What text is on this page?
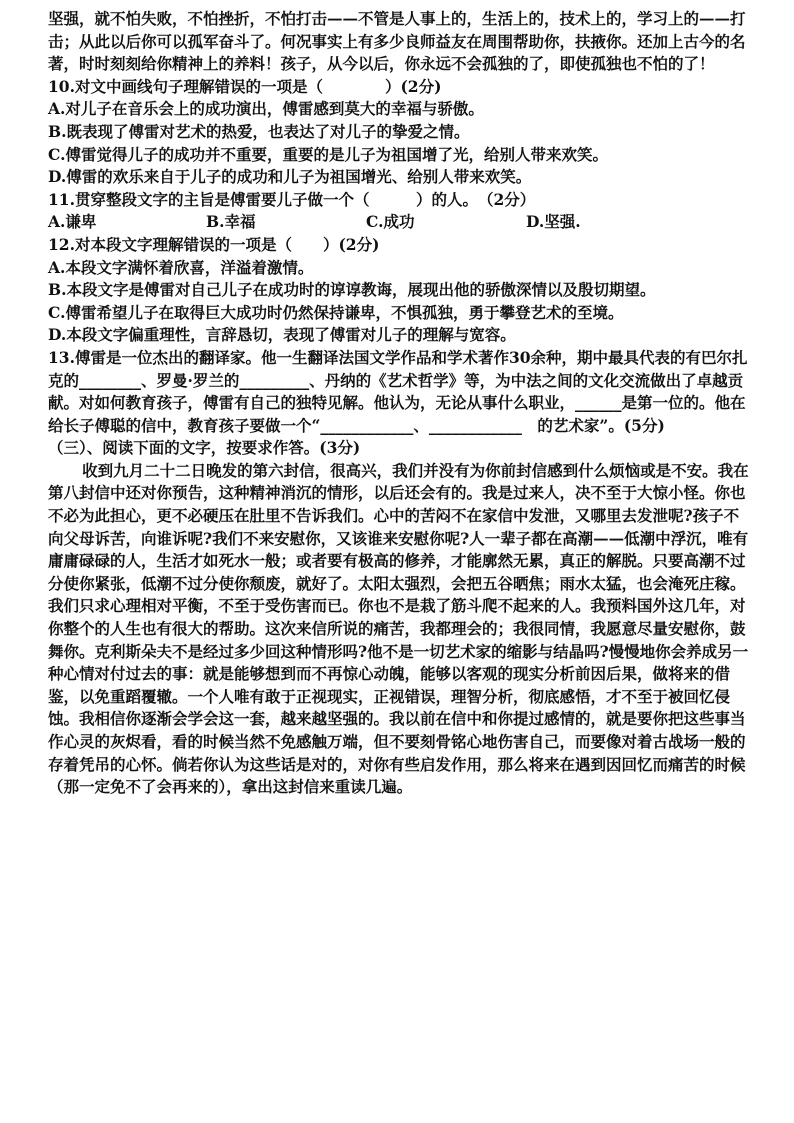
坚强，就不怕失败，不怕挫折，不怕打击——不管是人事上的，生活上的，技术上的，学习上的——打击；从此以后你可以孤军奋斗了。何况事实上有多少良师益友在周围帮助你，扶掖你。还加上古今的名著，时时刻刻给你精神上的养料！孩子，从今以后，你永远不会孤独的了，即使孤独也不怕的了！

10.对文中画线句子理解错误的一项是（　　　　）(2分)

A.对儿子在音乐会上的成功演出，傅雷感到莫大的幸福与骄傲。

B.既表现了傅雷对艺术的热爱，也表达了对儿子的挚爱之情。

C.傅雷觉得儿子的成功并不重要，重要的是儿子为祖国增了光，给别人带来欢笑。

D.傅雷的欢乐来自于儿子的成功和儿子为祖国增光、给别人带来欢笑。

11.贯穿整段文字的主旨是傅雷要儿子做一个（　　　）的人。　（2分）

A.谦卑	B.幸福	C.成功	D.坚强.

12.对本段文字理解错误的一项是（　　）(2分)

A.本段文字满怀着欣喜，洋溢着激情。

B.本段文字是傅雷对自己儿子在成功时的谆谆教诲，展现出他的骄傲深情以及殷切期望。

C.傅雷希望儿子在取得巨大成功时仍然保持谦卑，不惧孤独，勇于攀登艺术的至境。

D.本段文字偏重理性，言辞恳切，表现了傅雷对儿子的理解与宽容。

13.傅雷是一位杰出的翻译家。他一生翻译法国文学作品和学术著作30余种，期中最具代表的有巴尔扎克的________、罗曼·罗兰的_________、丹纳的《艺术哲学》等，为中法之间的文化交流做出了卓越贡献。对如何教育孩子，傅雷有自己的独特见解。他认为，无论从事什么职业，______是第一位的。他在给长子傅聪的信中，教育孩子要做一个“____________、____________　的艺术家”。(5分)

（三）、阅读下面的文字，按要求作答。(3分)

收到九月二十二日晚发的第六封信，很高兴，我们并没有为你前封信感到什么烦恼或是不安。我在第八封信中还对你预告，这种精神消沉的情形，以后还会有的。我是过来人，决不至于大惊小怪。你也不必为此担心，更不必硬压在肚里不告诉我们。心中的苦闷不在家信中发泄，又哪里去发泄呢?孩子不向父母诉苦，向谁诉呢?我们不来安慰你，又该谁来安慰你呢?人一辈子都在高潮——低潮中浮沉，唯有庸庸碌碌的人，生活才如死水一般；或者要有极高的修养，才能廓然无累，真正的解脱。只要高潮不过分使你紧张，低潮不过分使你颓废，就好了。太阳太强烈，会把五谷晒焦；雨水太猛，也会淹死庄稼。我们只求心理相对平衡，不至于受伤害而已。你也不是栽了筋斗爬不起来的人。我预料国外这几年，对你整个的人生也有很大的帮助。这次来信所说的痛苦，我都理会的；我很同情，我愿意尽量安慰你，鼓舞你。克利斯朵夫不是经过多少回这种情形吗?他不是一切艺术家的缩影与结晶吗?慢慢地你会养成另一种心情对付过去的事：就是能够想到而不再惊心动魄，能够以客观的现实分析前因后果，做将来的借鉴，以免重蹈覆辙。一个人唯有敢于正视现实，正视错误，理智分析，彻底感悟，才不至于被回忆侵蚀。我相信你逐渐会学会这一套，越来越坚强的。我以前在信中和你提过感情的，就是要你把这些事当作心灵的灰烬看，看的时候当然不免感触万端，但不要刻骨铭心地伤害自己，而要像对着古战场一般的存着凭吊的心怀。倘若你认为这些话是对的，对你有些启发作用，那么将来在遇到因回忆而痛苦的时候（那一定免不了会再来的），拿出这封信来重读几遍。
